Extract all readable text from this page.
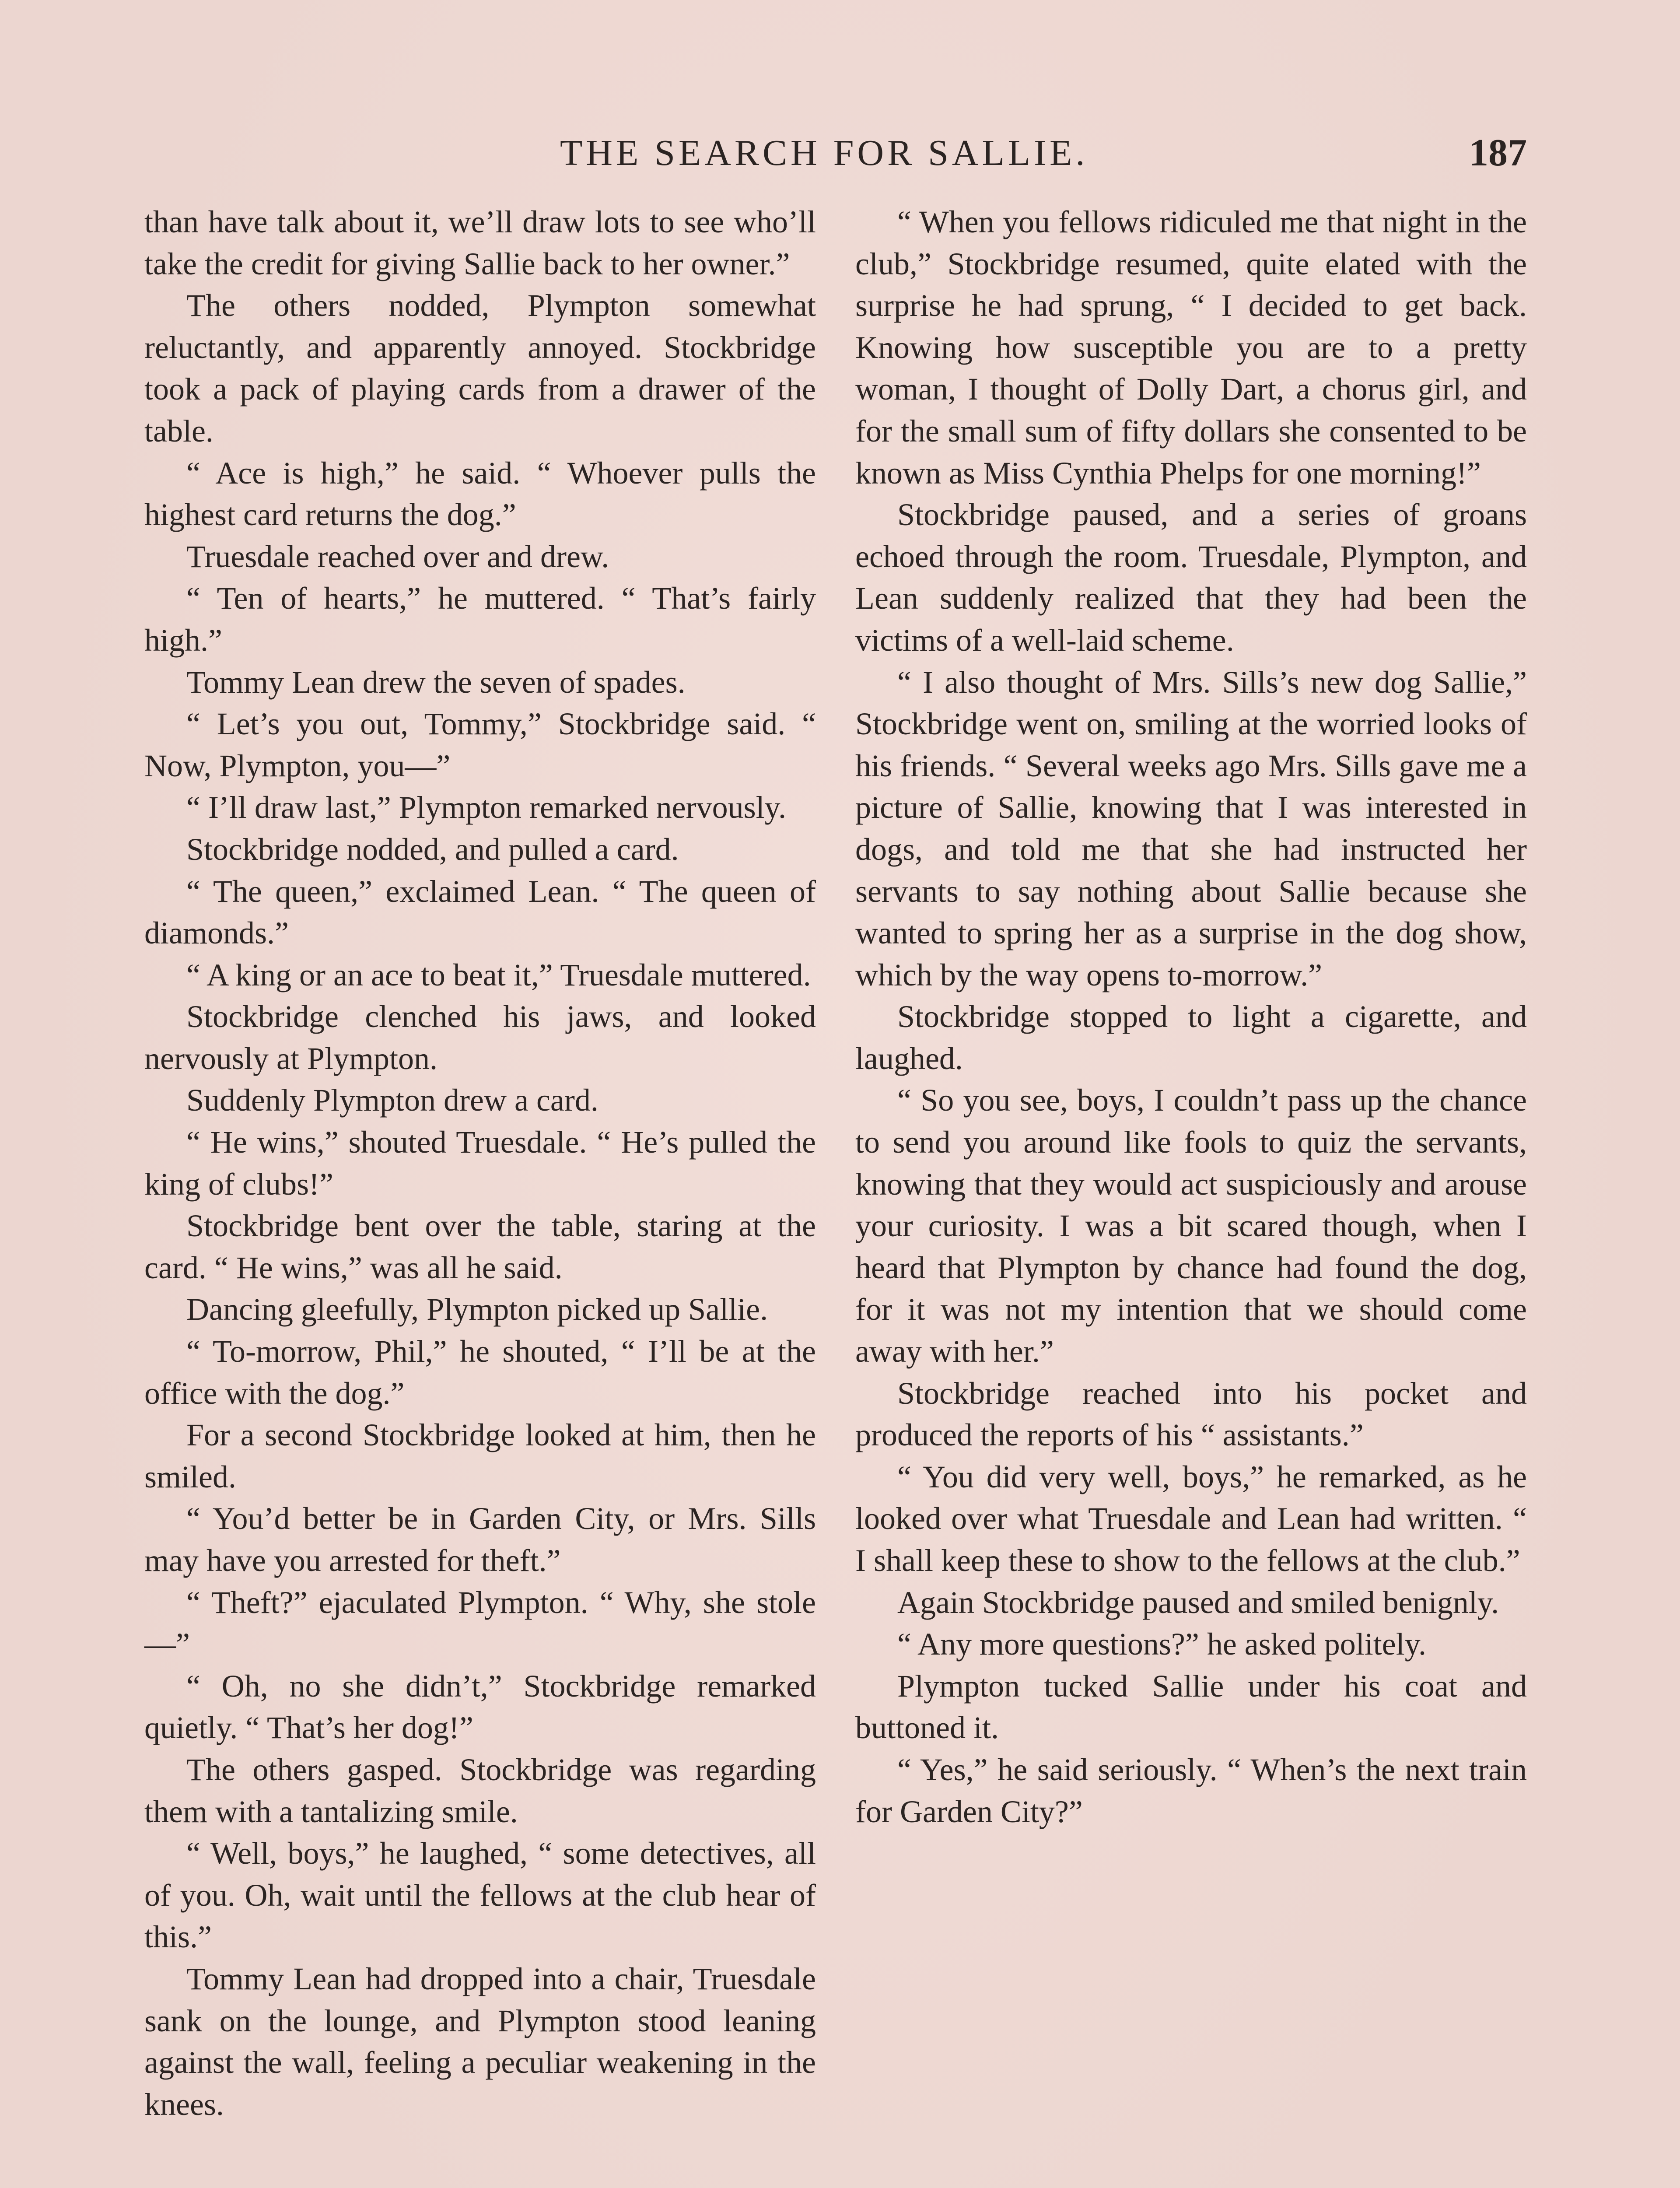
THE SEARCH FOR SALLIE.	187

than have talk about it, we’ll draw lots to see who’ll take the credit for giving Sallie back to her owner.”

The others nodded, Plympton somewhat reluctantly, and apparently annoyed. Stockbridge took a pack of playing cards from a drawer of the table.

“ Ace is high,” he said. “ Whoever pulls the highest card returns the dog.”

Truesdale reached over and drew.

“ Ten of hearts,” he muttered. “ That’s fairly high.”

Tommy Lean drew the seven of spades.

“ Let’s you out, Tommy,” Stockbridge said. “ Now, Plympton, you—”

“ I’ll draw last,” Plympton remarked nervously.

Stockbridge nodded, and pulled a card.

“ The queen,” exclaimed Lean. “ The queen of diamonds.”

“ A king or an ace to beat it,” Truesdale muttered.

Stockbridge clenched his jaws, and looked nervously at Plympton.

Suddenly Plympton drew a card.

“ He wins,” shouted Truesdale. “ He’s pulled the king of clubs!”

Stockbridge bent over the table, staring at the card. “ He wins,” was all he said.

Dancing gleefully, Plympton picked up Sallie.

“ To-morrow, Phil,” he shouted, “ I’ll be at the office with the dog.”

For a second Stockbridge looked at him, then he smiled.

“ You’d better be in Garden City, or Mrs. Sills may have you arrested for theft.”

“ Theft?” ejaculated Plympton. “ Why, she stole—”

“ Oh, no she didn’t,” Stockbridge remarked quietly. “ That’s her dog!”

The others gasped. Stockbridge was regarding them with a tantalizing smile.

“ Well, boys,” he laughed, “ some detectives, all of you. Oh, wait until the fellows at the club hear of this.”

Tommy Lean had dropped into a chair, Truesdale sank on the lounge, and Plympton stood leaning against the wall, feeling a peculiar weakening in the knees.

“ When you fellows ridiculed me that night in the club,” Stockbridge resumed, quite elated with the surprise he had sprung, “ I decided to get back. Knowing how susceptible you are to a pretty woman, I thought of Dolly Dart, a chorus girl, and for the small sum of fifty dollars she consented to be known as Miss Cynthia Phelps for one morning!”

Stockbridge paused, and a series of groans echoed through the room. Truesdale, Plympton, and Lean suddenly realized that they had been the victims of a well-laid scheme.

“ I also thought of Mrs. Sills’s new dog Sallie,” Stockbridge went on, smiling at the worried looks of his friends. “ Several weeks ago Mrs. Sills gave me a picture of Sallie, knowing that I was interested in dogs, and told me that she had instructed her servants to say nothing about Sallie because she wanted to spring her as a surprise in the dog show, which by the way opens to-morrow.”

Stockbridge stopped to light a cigarette, and laughed.

“ So you see, boys, I couldn’t pass up the chance to send you around like fools to quiz the servants, knowing that they would act suspiciously and arouse your curiosity. I was a bit scared though, when I heard that Plympton by chance had found the dog, for it was not my intention that we should come away with her.”

Stockbridge reached into his pocket and produced the reports of his “ assistants.”

“ You did very well, boys,” he remarked, as he looked over what Truesdale and Lean had written. “ I shall keep these to show to the fellows at the club.”

Again Stockbridge paused and smiled benignly.

“ Any more questions?” he asked politely.

Plympton tucked Sallie under his coat and buttoned it.

“ Yes,” he said seriously. “ When’s the next train for Garden City?”
